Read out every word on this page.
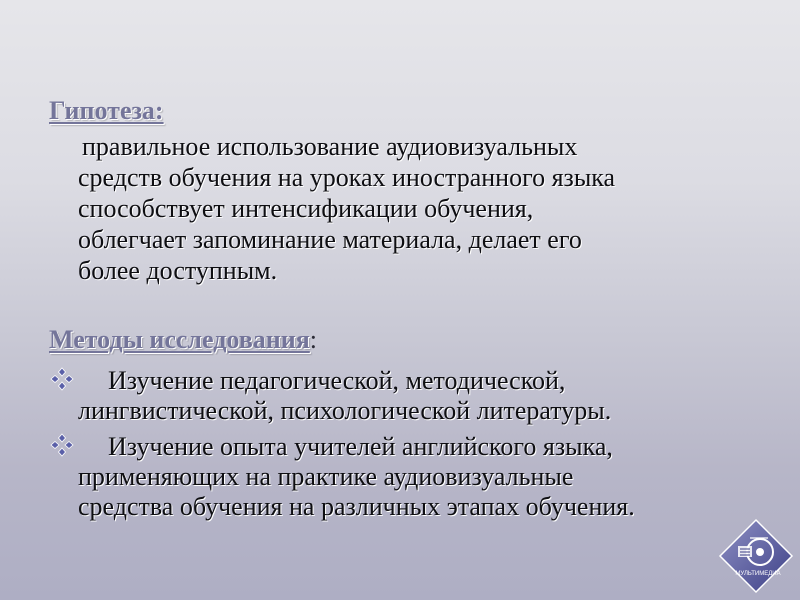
Гипотеза:
правильное использование аудиовизуальных
средств обучения на уроках иностранного языка
способствует интенсификации обучения,
облегчает запоминание материала, делает его
более доступным.
Методы исследования:
Изучение педагогической, методической,
лингвистической, психологической литературы.
Изучение опыта учителей английского языка,
применяющих на практике аудиовизуальные
средства обучения на различных этапах обучения.
МУЛЬТИМЕДИА
